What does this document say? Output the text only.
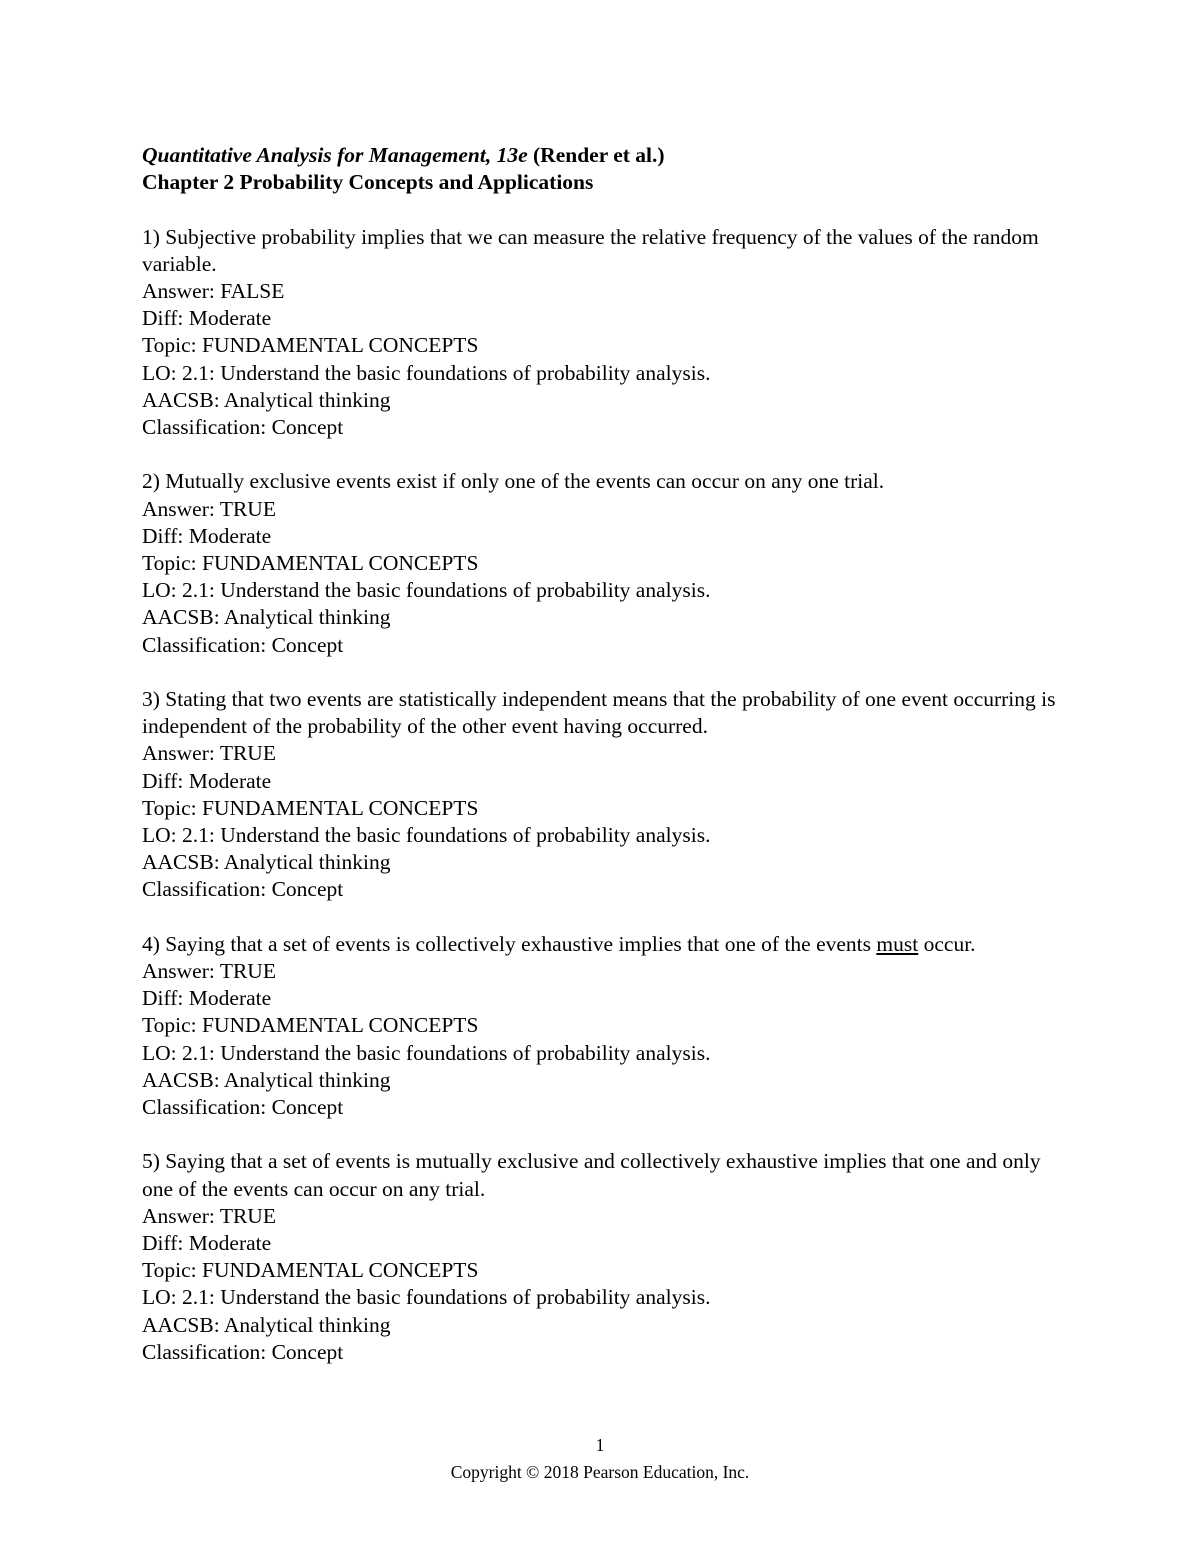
Quantitative Analysis for Management, 13e (Render et al.)

Chapter 2 Probability Concepts and Applications

1) Subjective probability implies that we can measure the relative frequency of the values of the random variable.

Answer: FALSE

Diff: Moderate

Topic: FUNDAMENTAL CONCEPTS

LO: 2.1: Understand the basic foundations of probability analysis.

AACSB: Analytical thinking

Classification: Concept

2) Mutually exclusive events exist if only one of the events can occur on any one trial.

Answer: TRUE

Diff: Moderate

Topic: FUNDAMENTAL CONCEPTS

LO: 2.1: Understand the basic foundations of probability analysis.

AACSB: Analytical thinking

Classification: Concept

3) Stating that two events are statistically independent means that the probability of one event occurring is independent of the probability of the other event having occurred.

Answer: TRUE

Diff: Moderate

Topic: FUNDAMENTAL CONCEPTS

LO: 2.1: Understand the basic foundations of probability analysis.

AACSB: Analytical thinking

Classification: Concept

4) Saying that a set of events is collectively exhaustive implies that one of the events must occur.

Answer: TRUE

Diff: Moderate

Topic: FUNDAMENTAL CONCEPTS

LO: 2.1: Understand the basic foundations of probability analysis.

AACSB: Analytical thinking

Classification: Concept

5) Saying that a set of events is mutually exclusive and collectively exhaustive implies that one and only one of the events can occur on any trial.

Answer: TRUE

Diff: Moderate

Topic: FUNDAMENTAL CONCEPTS

LO: 2.1: Understand the basic foundations of probability analysis.

AACSB: Analytical thinking

Classification: Concept

1
Copyright © 2018 Pearson Education, Inc.
